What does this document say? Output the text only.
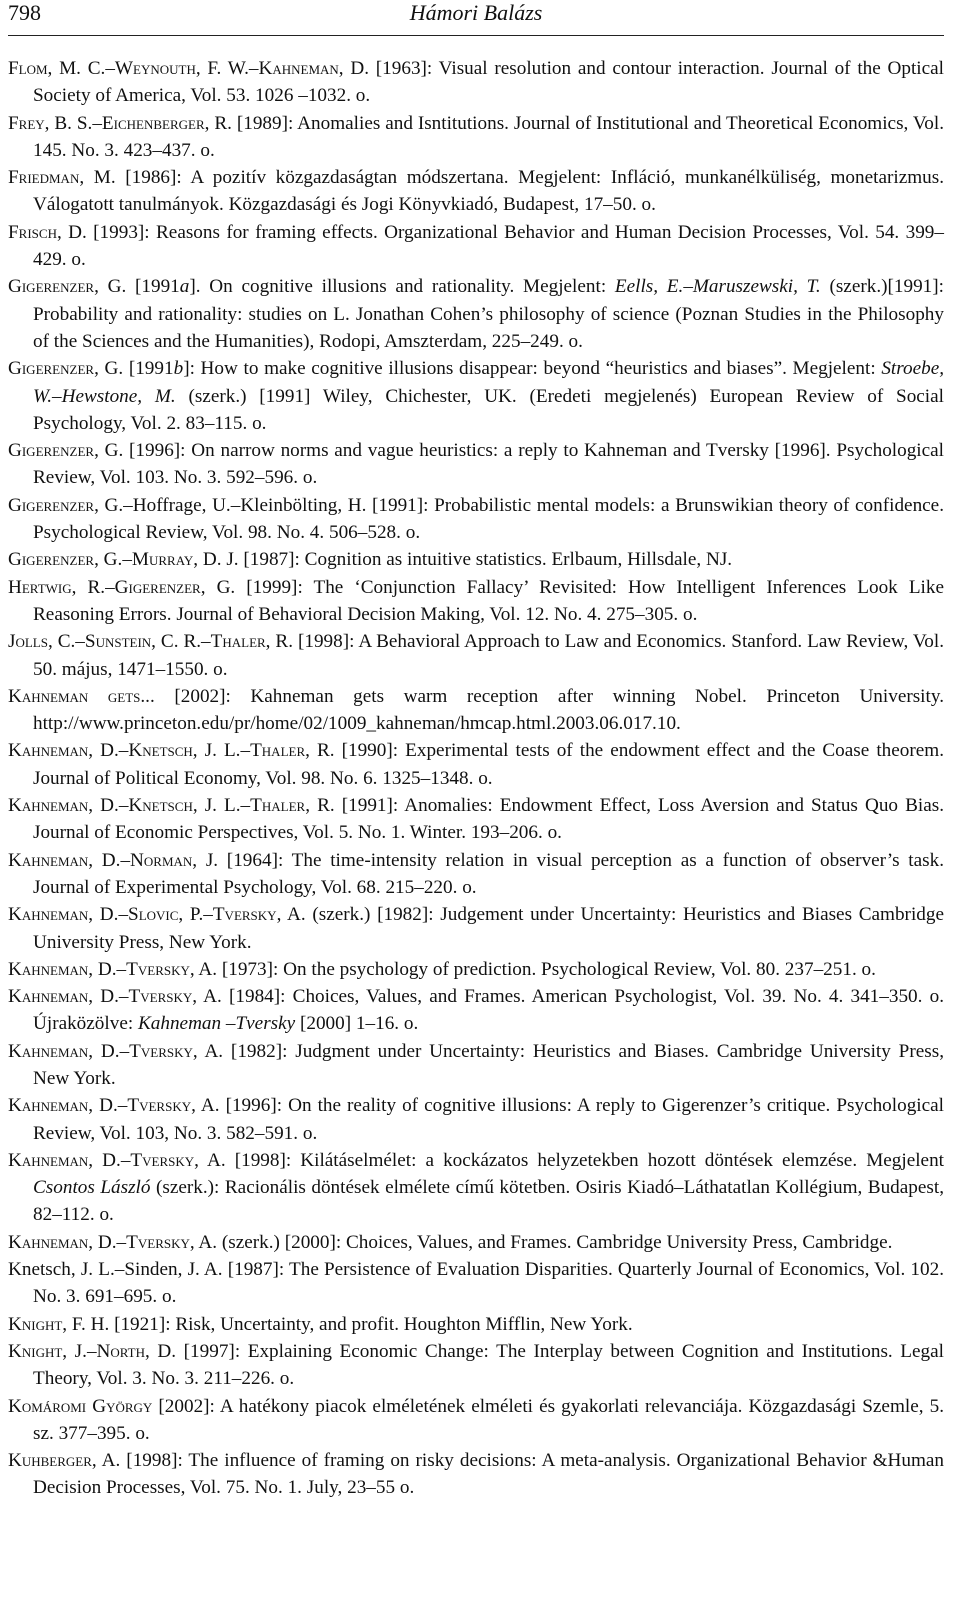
798	Hámori Balázs

Flom, M. C.–Weynouth, F. W.–Kahneman, D. [1963]: Visual resolution and contour interaction. Journal of the Optical Society of America, Vol. 53. 1026 –1032. o.

Frey, B. S.–Eichenberger, R. [1989]: Anomalies and Isntitutions. Journal of Institutional and Theoretical Economics, Vol. 145. No. 3. 423–437. o.

Friedman, M. [1986]: A pozitív közgazdaságtan módszertana. Megjelent: Infláció, munkanélküliség, monetarizmus. Válogatott tanulmányok. Közgazdasági és Jogi Könyvkiadó, Budapest, 17–50. o.

Frisch, D. [1993]: Reasons for framing effects. Organizational Behavior and Human Decision Processes, Vol. 54. 399–429. o.

Gigerenzer, G. [1991a]. On cognitive illusions and rationality. Megjelent: Eells, E.–Maruszewski, T. (szerk.)[1991]: Probability and rationality: studies on L. Jonathan Cohen’s philosophy of science (Poznan Studies in the Philosophy of the Sciences and the Humanities), Rodopi, Amszterdam, 225–249. o.

Gigerenzer, G. [1991b]: How to make cognitive illusions disappear: beyond “heuristics and biases”. Megjelent: Stroebe, W.–Hewstone, M. (szerk.) [1991] Wiley, Chichester, UK. (Eredeti megjelenés) European Review of Social Psychology, Vol. 2. 83–115. o.

Gigerenzer, G. [1996]: On narrow norms and vague heuristics: a reply to Kahneman and Tversky [1996]. Psychological Review, Vol. 103. No. 3. 592–596. o.

Gigerenzer, G.–Hoffrage, U.–Kleinbölting, H. [1991]: Probabilistic mental models: a Brunswikian theory of confidence. Psychological Review, Vol. 98. No. 4. 506–528. o.

Gigerenzer, G.–Murray, D. J. [1987]: Cognition as intuitive statistics. Erlbaum, Hillsdale, NJ.

Hertwig, R.–Gigerenzer, G. [1999]: The ‘Conjunction Fallacy’ Revisited: How Intelligent Inferences Look Like Reasoning Errors. Journal of Behavioral Decision Making, Vol. 12. No. 4. 275–305. o.

Jolls, C.–Sunstein, C. R.–Thaler, R. [1998]: A Behavioral Approach to Law and Economics. Stanford. Law Review, Vol. 50. május, 1471–1550. o.

Kahneman gets... [2002]: Kahneman gets warm reception after winning Nobel. Princeton University. http://www.princeton.edu/pr/home/02/1009_kahneman/hmcap.html.2003.06.017.10.

Kahneman, D.–Knetsch, J. L.–Thaler, R. [1990]: Experimental tests of the endowment effect and the Coase theorem. Journal of Political Economy, Vol. 98. No. 6. 1325–1348. o.

Kahneman, D.–Knetsch, J. L.–Thaler, R. [1991]: Anomalies: Endowment Effect, Loss Aversion and Status Quo Bias. Journal of Economic Perspectives, Vol. 5. No. 1. Winter. 193–206. o.

Kahneman, D.–Norman, J. [1964]: The time-intensity relation in visual perception as a function of observer’s task. Journal of Experimental Psychology, Vol. 68. 215–220. o.

Kahneman, D.–Slovic, P.–Tversky, A. (szerk.) [1982]: Judgement under Uncertainty: Heuristics and Biases Cambridge University Press, New York.

Kahneman, D.–Tversky, A. [1973]: On the psychology of prediction. Psychological Review, Vol. 80. 237–251. o.

Kahneman, D.–Tversky, A. [1984]: Choices, Values, and Frames. American Psychologist, Vol. 39. No. 4. 341–350. o. Újraközölve: Kahneman –Tversky [2000] 1–16. o.

Kahneman, D.–Tversky, A. [1982]: Judgment under Uncertainty: Heuristics and Biases. Cambridge University Press, New York.

Kahneman, D.–Tversky, A. [1996]: On the reality of cognitive illusions: A reply to Gigerenzer’s critique. Psychological Review, Vol. 103, No. 3. 582–591. o.

Kahneman, D.–Tversky, A. [1998]: Kilátáselmélet: a kockázatos helyzetekben hozott döntések elemzése. Megjelent Csontos László (szerk.): Racionális döntések elmélete című kötetben. Osiris Kiadó–Láthatatlan Kollégium, Budapest, 82–112. o.

Kahneman, D.–Tversky, A. (szerk.) [2000]: Choices, Values, and Frames. Cambridge University Press, Cambridge.

Knetsch, J. L.–Sinden, J. A. [1987]: The Persistence of Evaluation Disparities. Quarterly Journal of Economics, Vol. 102. No. 3. 691–695. o.

Knight, F. H. [1921]: Risk, Uncertainty, and profit. Houghton Mifflin, New York.

Knight, J.–North, D. [1997]: Explaining Economic Change: The Interplay between Cognition and Institutions. Legal Theory, Vol. 3. No. 3. 211–226. o.

Komáromi György [2002]: A hatékony piacok elméletének elméleti és gyakorlati relevanciája. Közgazdasági Szemle, 5. sz. 377–395. o.

Kuhberger, A. [1998]: The influence of framing on risky decisions: A meta-analysis. Organizational Behavior &Human Decision Processes, Vol. 75. No. 1. July, 23–55 o.
